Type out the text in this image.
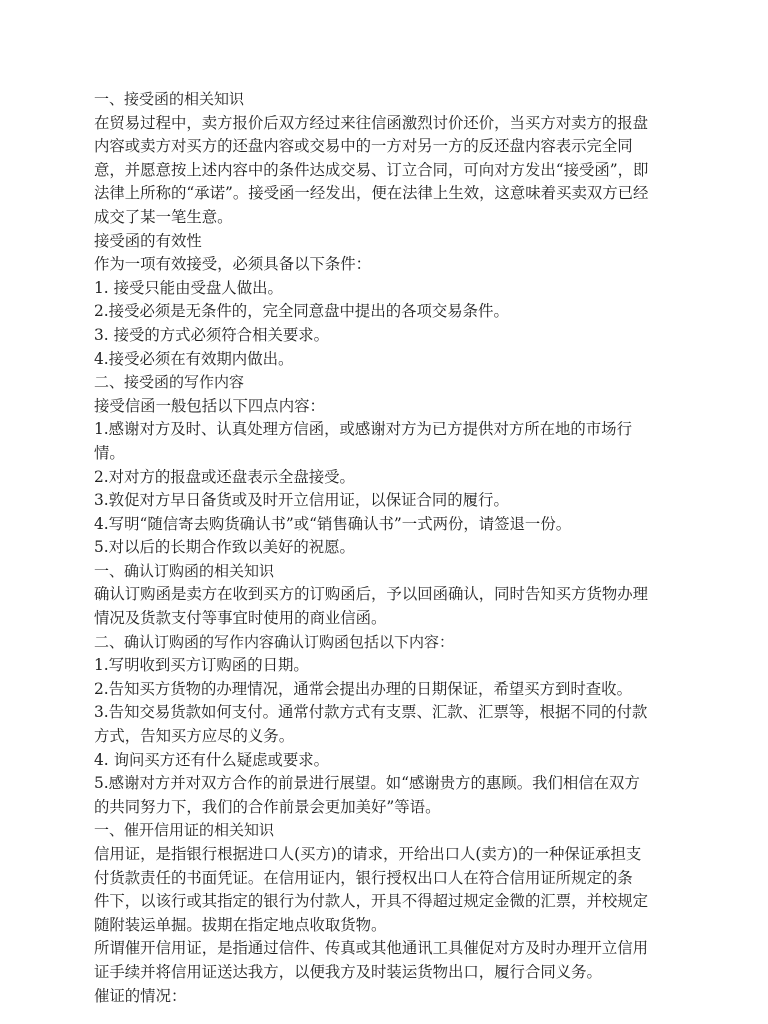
一、接受函的相关知识

在贸易过程中，卖方报价后双方经过来往信函激烈讨价还价，当买方对卖方的报盘

内容或卖方对买方的还盘内容或交易中的一方对另一方的反还盘内容表示完全同

意，并愿意按上述内容中的条件达成交易、订立合同，可向对方发出“接受函”，即

法律上所称的“承诺”。接受函一经发出，便在法律上生效，这意味着买卖双方已经

成交了某一笔生意。

接受函的有效性

作为一项有效接受，必须具备以下条件：

1. 接受只能由受盘人做出。

2.接受必须是无条件的，完全同意盘中提出的各项交易条件。

3. 接受的方式必须符合相关要求。

4.接受必须在有效期内做出。

二、接受函的写作内容

接受信函一般包括以下四点内容：

1.感谢对方及时、认真处理方信函，或感谢对方为已方提供对方所在地的市场行

情。

2.对对方的报盘或还盘表示全盘接受。

3.敦促对方早日备货或及时开立信用证，以保证合同的履行。

4.写明“随信寄去购货确认书”或“销售确认书”一式两份，请签退一份。

5.对以后的长期合作致以美好的祝愿。

一、确认订购函的相关知识

确认订购函是卖方在收到买方的订购函后，予以回函确认，同时告知买方货物办理

情况及货款支付等事宜时使用的商业信函。

二、确认订购函的写作内容确认订购函包括以下内容：

1.写明收到买方订购函的日期。

2.告知买方货物的办理情况，通常会提出办理的日期保证，希望买方到时查收。

3.告知交易货款如何支付。通常付款方式有支票、汇款、汇票等，根据不同的付款

方式，告知买方应尽的义务。

4. 询问买方还有什么疑虑或要求。

5.感谢对方并对双方合作的前景进行展望。如“感谢贵方的惠顾。我们相信在双方

的共同努力下，我们的合作前景会更加美好”等语。

一、催开信用证的相关知识

信用证，是指银行根据进口人(买方)的请求，开给出口人(卖方)的一种保证承担支

付货款责任的书面凭证。在信用证内，银行授权出口人在符合信用证所规定的条

件下，以该行或其指定的银行为付款人，开具不得超过规定金微的汇票，并校规定

随附装运单掘。拔期在指定地点收取货物。

所谓催开信用证，是指通过信件、传真或其他通讯工具催促对方及时办理开立信用

证手续并将信用证送达我方，以便我方及时装运货物出口，履行合同义务。

催证的情况：
